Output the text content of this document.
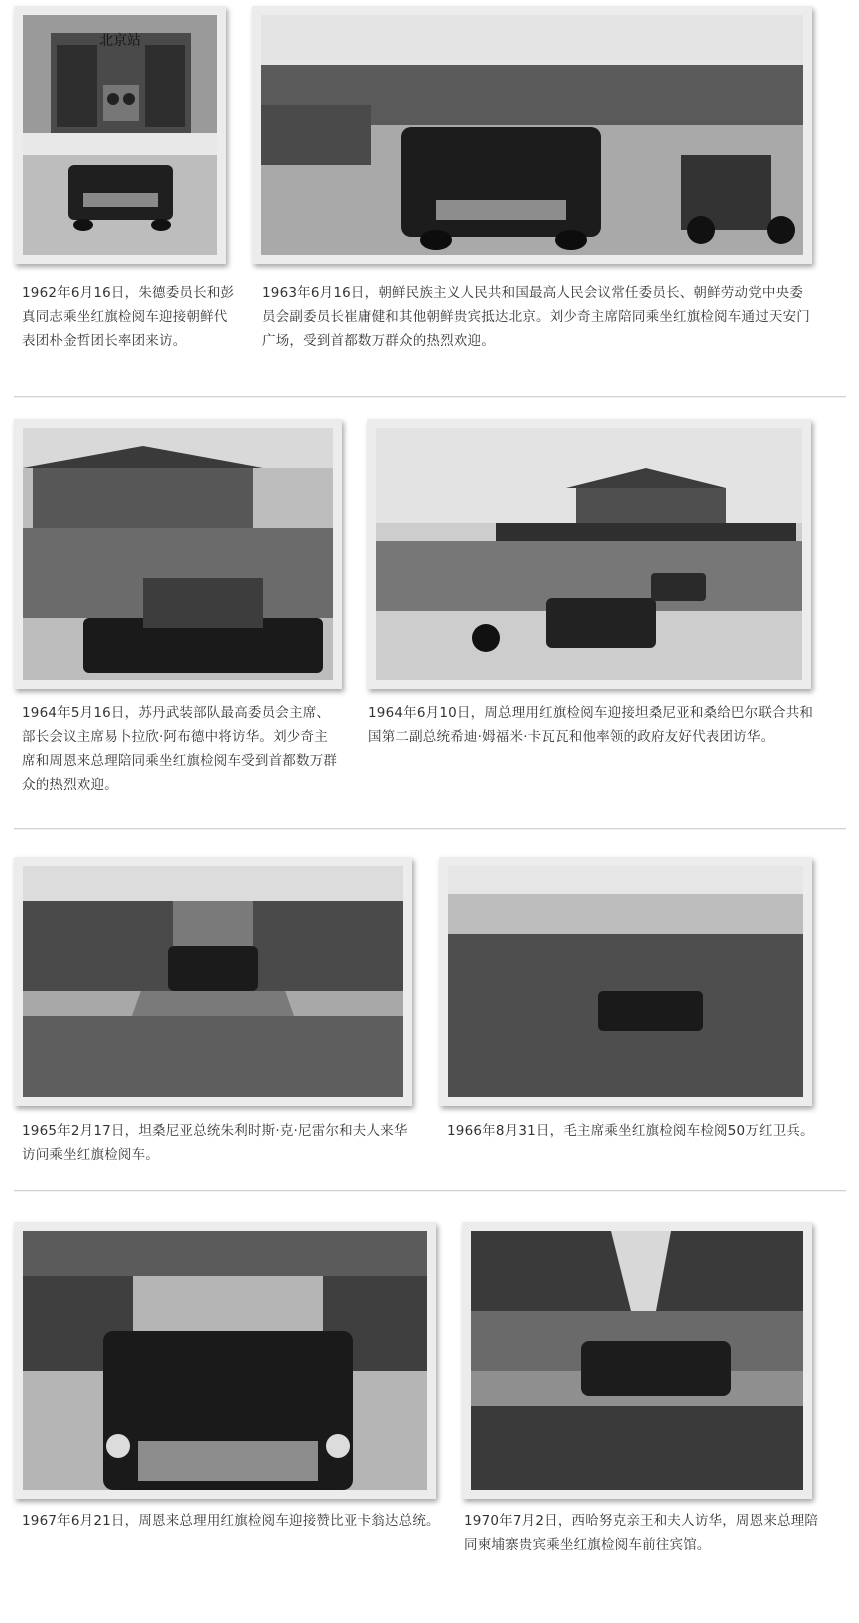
北京站
1962年6月16日，朱德委员长和彭真同志乘坐红旗检阅车迎接朝鲜代表团朴金哲团长率团来访。
1963年6月16日，朝鲜民族主义人民共和国最高人民会议常任委员长、朝鲜劳动党中央委员会副委员长崔庸健和其他朝鲜贵宾抵达北京。刘少奇主席陪同乘坐红旗检阅车通过天安门广场，受到首都数万群众的热烈欢迎。
1964年5月16日，苏丹武装部队最高委员会主席、部长会议主席易卜拉欣·阿布德中将访华。刘少奇主席和周恩来总理陪同乘坐红旗检阅车受到首都数万群众的热烈欢迎。
1964年6月10日，周总理用红旗检阅车迎接坦桑尼亚和桑给巴尔联合共和国第二副总统希迪·姆福米·卡瓦瓦和他率领的政府友好代表团访华。
1965年2月17日，坦桑尼亚总统朱利时斯·克·尼雷尔和夫人来华访问乘坐红旗检阅车。
1966年8月31日，毛主席乘坐红旗检阅车检阅50万红卫兵。
1967年6月21日，周恩来总理用红旗检阅车迎接赞比亚卡翁达总统。 1970年7月2日，西哈努克亲王和夫人访华，周恩来总理陪同柬埔寨贵宾乘坐红旗检阅车前往宾馆。
